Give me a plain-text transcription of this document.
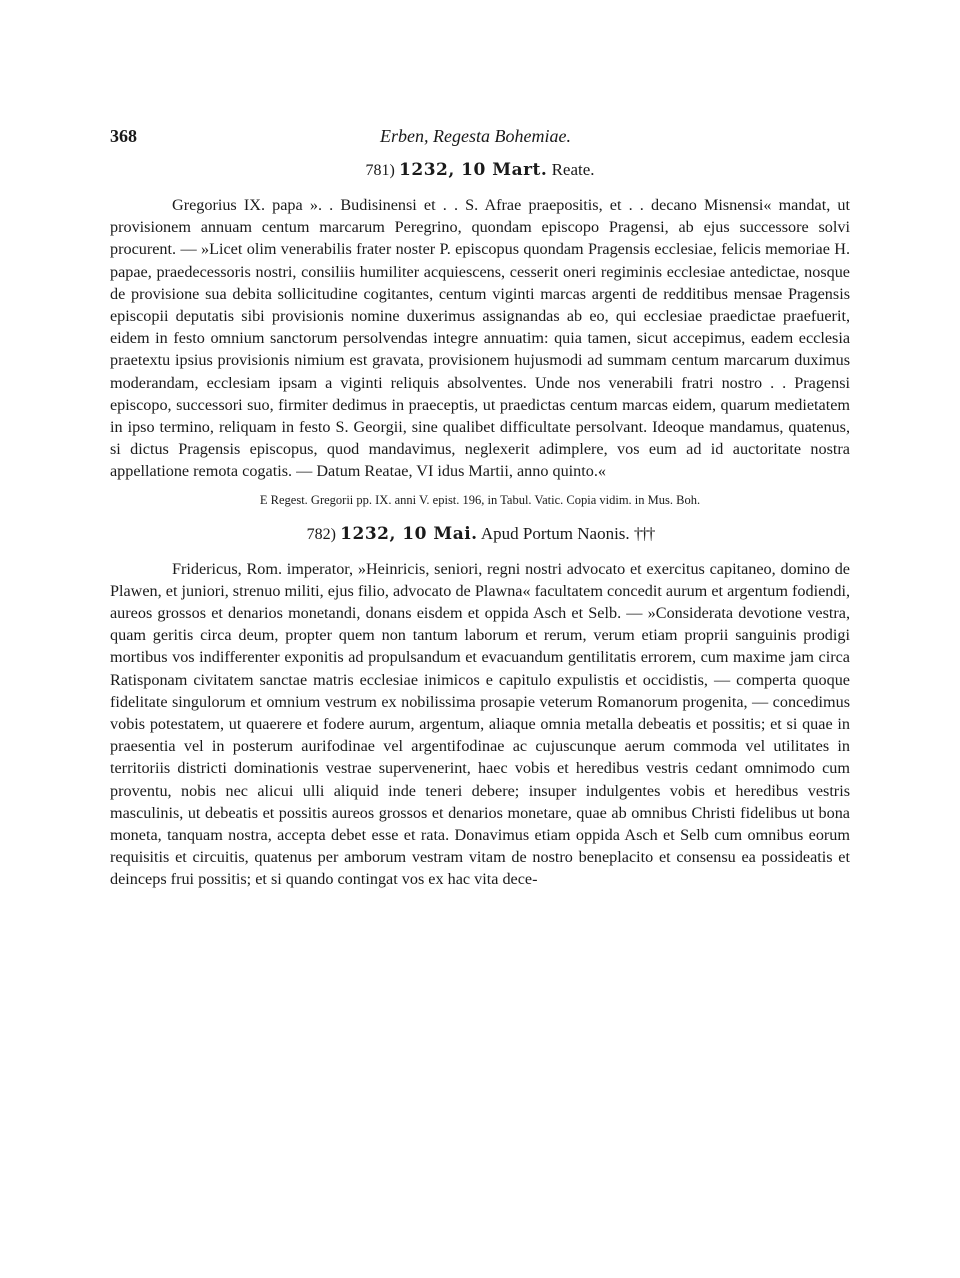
368	Erben, Regesta Bohemiae.
781) 1232, 10 Mart. Reate.

Gregorius IX. papa ». . Budisinensi et . . S. Afrae praepositis, et . . decano Misnensi« mandat, ut provisionem annuam centum marcarum Peregrino, quondam episcopo Pragensi, ab ejus successore solvi procurent. — »Licet olim venerabilis frater noster P. episcopus quondam Pragensis ecclesiae, felicis memoriae H. papae, praedecessoris nostri, consiliis humiliter acquiescens, cesserit oneri regiminis ecclesiae antedictae, nosque de provisione sua debita sollicitudine cogitantes, centum viginti marcas argenti de redditibus mensae Pragensis episcopii deputatis sibi provisionis nomine duxerimus assignandas ab eo, qui ecclesiae praedictae praefuerit, eidem in festo omnium sanctorum persolvendas integre annuatim: quia tamen, sicut accepimus, eadem ecclesia praetextu ipsius provisionis nimium est gravata, provisionem hujusmodi ad summam centum marcarum duximus moderandam, ecclesiam ipsam a viginti reliquis absolventes. Unde nos venerabili fratri nostro . . Pragensi episcopo, successori suo, firmiter dedimus in praeceptis, ut praedictas centum marcas eidem, quarum medietatem in ipso termino, reliquam in festo S. Georgii, sine qualibet difficultate persolvant. Ideoque mandamus, quatenus, si dictus Pragensis episcopus, quod mandavimus, neglexerit adimplere, vos eum ad id auctoritate nostra appellatione remota cogatis. — Datum Reatae, VI idus Martii, anno quinto.«

E Regest. Gregorii pp. IX. anni V. epist. 196, in Tabul. Vatic. Copia vidim. in Mus. Boh.
782) 1232, 10 Mai. Apud Portum Naonis. †††

Fridericus, Rom. imperator, »Heinricis, seniori, regni nostri advocato et exercitus capitaneo, domino de Plawen, et juniori, strenuo militi, ejus filio, advocato de Plawna« facultatem concedit aurum et argentum fodiendi, aureos grossos et denarios monetandi, donans eisdem et oppida Asch et Selb. — »Considerata devotione vestra, quam geritis circa deum, propter quem non tantum laborum et rerum, verum etiam proprii sanguinis prodigi mortibus vos indifferenter exponitis ad propulsandum et evacuandum gentilitatis errorem, cum maxime jam circa Ratisponam civitatem sanctae matris ecclesiae inimicos e capitulo expulistis et occidistis, — comperta quoque fidelitate singulorum et omnium vestrum ex nobilissima prosapie veterum Romanorum progenita, — concedimus vobis potestatem, ut quaerere et fodere aurum, argentum, aliaque omnia metalla debeatis et possitis; et si quae in praesentia vel in posterum aurifodinae vel argentifodinae ac cujuscunque aerum commoda vel utilitates in territoriis districti dominationis vestrae supervenerint, haec vobis et heredibus vestris cedant omnimodo cum proventu, nobis nec alicui ulli aliquid inde teneri debere; insuper indulgentes vobis et heredibus vestris masculinis, ut debeatis et possitis aureos grossos et denarios monetare, quae ab omnibus Christi fidelibus ut bona moneta, tanquam nostra, accepta debet esse et rata. Donavimus etiam oppida Asch et Selb cum omnibus eorum requisitis et circuitis, quatenus per amborum vestram vitam de nostro beneplacito et consensu ea possideatis et deinceps frui possitis; et si quando contingat vos ex hac vita dece-
